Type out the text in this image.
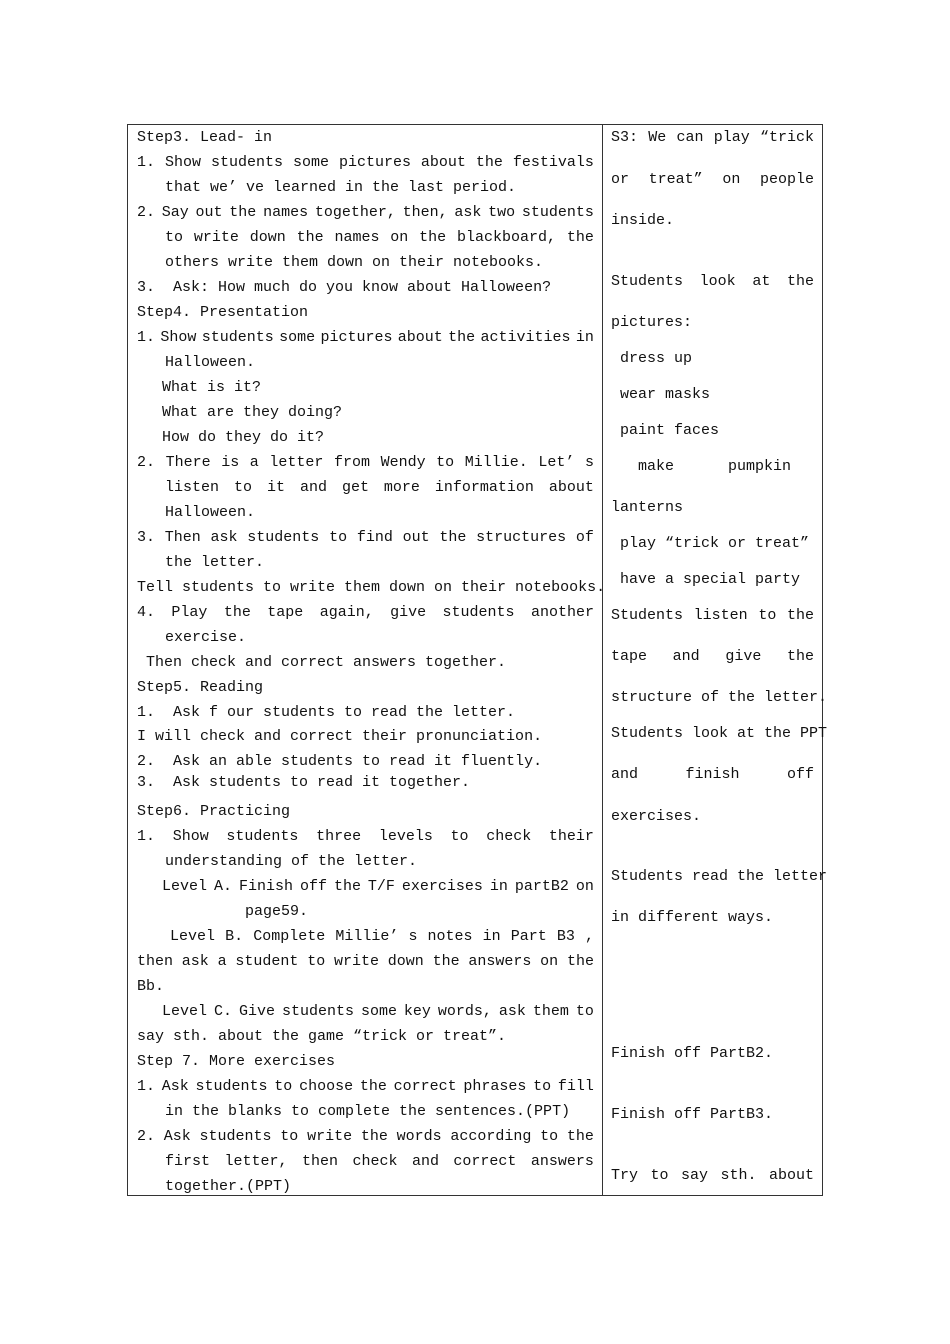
Step3. Lead- in
1. Show students some pictures about the festivals
that we’ ve learned in the last period.
2. Say out the names together, then, ask two students
to write down the names on the blackboard, the
others write them down on their notebooks.
3.  Ask: How much do you know about Halloween?
Step4. Presentation
1. Show students some pictures about the activities in
Halloween.
What is it?
What are they doing?
How do they do it?
2. There is a letter from Wendy to Millie. Let’ s
listen to it and get more information about
Halloween.
3. Then ask students to find out the structures of
the letter.
Tell students to write them down on their notebooks.
4. Play the tape again, give students another
exercise.
Then check and correct answers together.
Step5. Reading
1.  Ask f our students to read the letter.
I will check and correct their pronunciation.
2.  Ask an able students to read it fluently.
3.  Ask students to read it together.
Step6. Practicing
1. Show students three levels to check their
understanding of the letter.
Level A. Finish off the T/F exercises in partB2 on
page59.
Level B. Complete Millie’ s notes in Part B3 ,
then ask a student to write down the answers on the
Bb.
Level C. Give students some key words, ask them to
say sth. about the game “trick or treat”.
Step 7. More exercises
1. Ask students to choose the correct phrases to fill
in the blanks to complete the sentences.(PPT)
2. Ask students to write the words according to the
first letter, then check and correct answers
together.(PPT)
S3: We can play “trick
or treat” on people
inside.
Students look at the
pictures:
dress up
wear masks
paint faces
make      pumpkin
lanterns
play “trick or treat”
have a special party
Students listen to the
tape and give the
structure of the letter.
Students look at the PPT
and	finish	off
exercises.
Students read the letter
in different ways.
Finish off PartB2.
Finish off PartB3.
Try to say sth. about
